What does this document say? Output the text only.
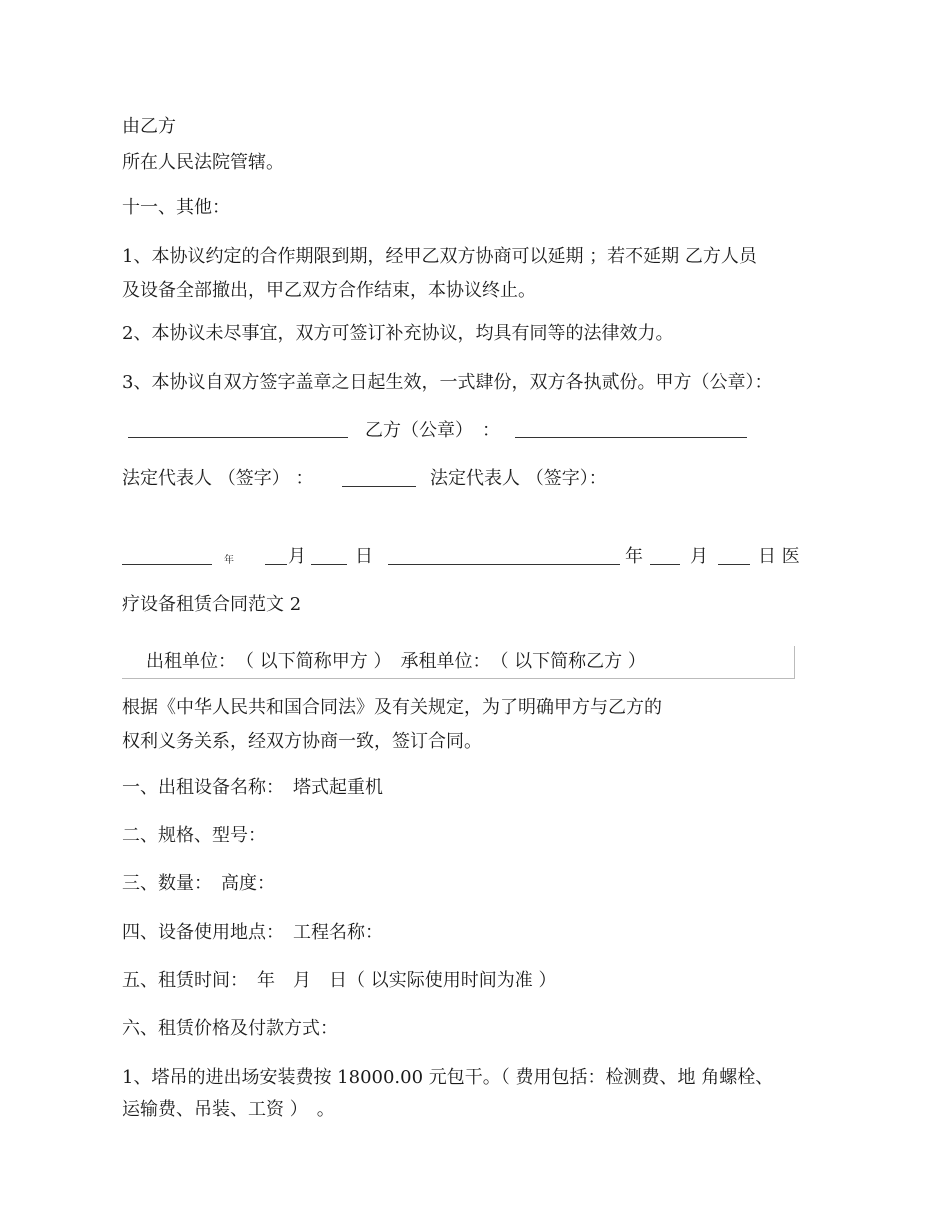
由乙方
所在人民法院管辖。
十一、其他：
1、本协议约定的合作期限到期，经甲乙双方协商可以延期 ；若不延期 乙方人员
及设备全部撤出，甲乙双方合作结束，本协议终止。
2、本协议未尽事宜，双方可签订补充协议，均具有同等的法律效力。
3、本协议自双方签字盖章之日起生效，一式肆份，双方各执贰份。甲方（公章）：
乙方（公章）　：
法定代表人 （签字） ：	法定代表人 （签字）：
年	月	日	年	月	日 医
疗设备租赁合同范文 2
出租单位：　（ 以下简称甲方 ）　承租单位：　（ 以下简称乙方 ）
根据《中华人民共和国合同法》及有关规定，为了明确甲方与乙方的
权利义务关系，经双方协商一致，签订合同。
一、出租设备名称：　塔式起重机
二、规格、型号：
三、数量：　高度：
四、设备使用地点：　工程名称：
五、租赁时间：　年　月　日（ 以实际使用时间为准 ）
六、租赁价格及付款方式：
1、塔吊的进出场安装费按 18000.00 元包干。（ 费用包括：检测费、地 角螺栓、
运输费、吊装、工资 ）　。
